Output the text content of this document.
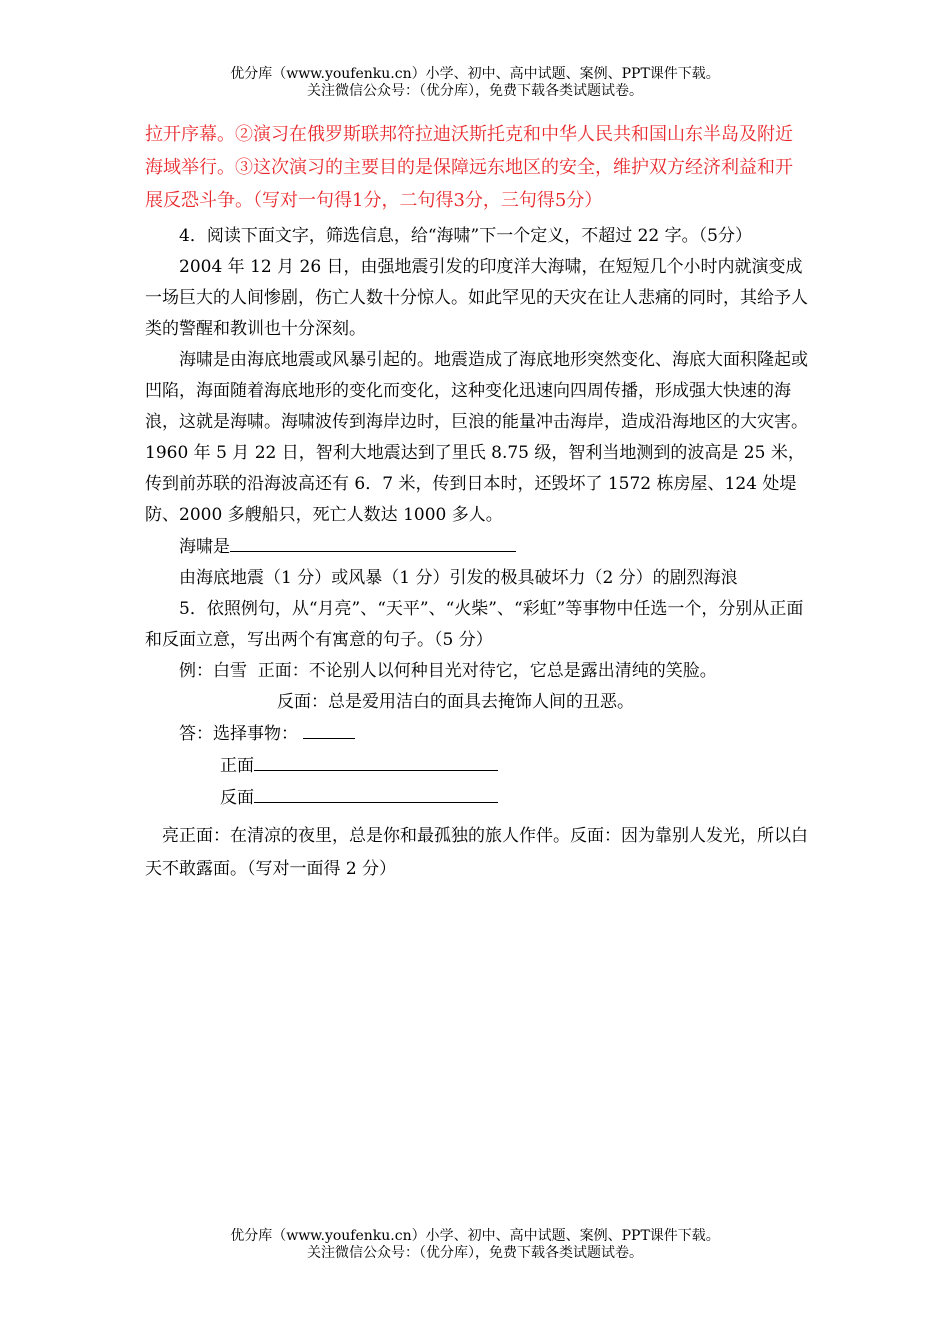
优分库（www.youfenku.cn）小学、初中、高中试题、案例、PPT课件下载。
关注微信公众号：（优分库），免费下载各类试题试卷。

拉开序幕。②演习在俄罗斯联邦符拉迪沃斯托克和中华人民共和国山东半岛及附近海域举行。③这次演习的主要目的是保障远东地区的安全，维护双方经济利益和开展反恐斗争。（写对一句得1分，二句得3分，三句得5分）

4．阅读下面文字，筛选信息，给“海啸”下一个定义，不超过 22 字。（5分）

2004 年 12 月 26 日，由强地震引发的印度洋大海啸，在短短几个小时内就演变成一场巨大的人间惨剧，伤亡人数十分惊人。如此罕见的天灾在让人悲痛的同时，其给予人类的警醒和教训也十分深刻。

海啸是由海底地震或风暴引起的。地震造成了海底地形突然变化、海底大面积隆起或凹陷，海面随着海底地形的变化而变化，这种变化迅速向四周传播，形成强大快速的海浪，这就是海啸。海啸波传到海岸边时，巨浪的能量冲击海岸，造成沿海地区的大灾害。1960 年 5 月 22 日，智利大地震达到了里氏 8.75 级，智利当地测到的波高是 25 米，传到前苏联的沿海波高还有 6．7 米，传到日本时，还毁坏了 1572 栋房屋、124 处堤防、2000 多艘船只，死亡人数达 1000 多人。

海啸是

由海底地震（1 分）或风暴（1 分）引发的极具破坏力（2 分）的剧烈海浪

5．依照例句，从“月亮”、“天平”、“火柴”、“彩虹”等事物中任选一个，分别从正面和反面立意，写出两个有寓意的句子。（5 分）

例：白雪  正面：不论别人以何种目光对待它，它总是露出清纯的笑脸。

反面：总是爱用洁白的面具去掩饰人间的丑恶。

答：选择事物：

正面

反面

亮正面：在清凉的夜里，总是你和最孤独的旅人作伴。反面：因为靠别人发光，所以白天不敢露面。（写对一面得 2 分）

优分库（www.youfenku.cn）小学、初中、高中试题、案例、PPT课件下载。
关注微信公众号：（优分库），免费下载各类试题试卷。
